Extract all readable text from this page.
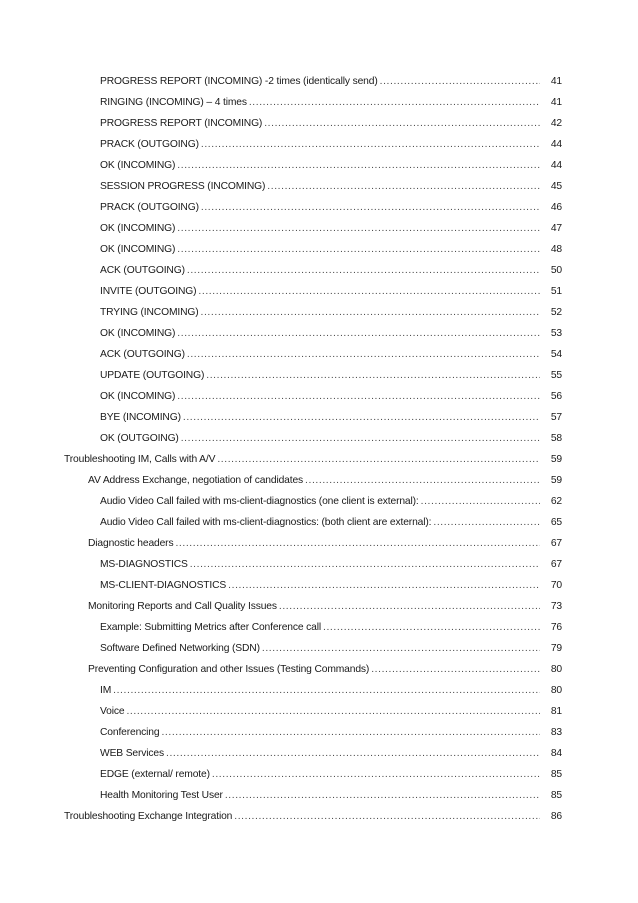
PROGRESS REPORT (INCOMING) -2 times (identically send) .....	41
RINGING (INCOMING) – 4 times .....	41
PROGRESS REPORT (INCOMING) .....	42
PRACK (OUTGOING) .....	44
OK (INCOMING) .....	44
SESSION PROGRESS (INCOMING) .....	45
PRACK (OUTGOING) .....	46
OK (INCOMING) .....	47
OK (INCOMING) .....	48
ACK (OUTGOING) .....	50
INVITE (OUTGOING) .....	51
TRYING (INCOMING) .....	52
OK (INCOMING) .....	53
ACK (OUTGOING) .....	54
UPDATE (OUTGOING) .....	55
OK (INCOMING) .....	56
BYE (INCOMING) .....	57
OK (OUTGOING) .....	58
Troubleshooting IM, Calls with A/V .....	59
AV Address Exchange, negotiation of candidates .....	59
Audio Video Call failed with ms-client-diagnostics (one client is external): .....	62
Audio Video Call failed with ms-client-diagnostics: (both client are external): .....	65
Diagnostic headers .....	67
MS-DIAGNOSTICS .....	67
MS-CLIENT-DIAGNOSTICS .....	70
Monitoring Reports and Call Quality Issues .....	73
Example: Submitting Metrics after Conference call .....	76
Software Defined Networking (SDN) .....	79
Preventing Configuration and other Issues (Testing Commands) .....	80
IM .....	80
Voice .....	81
Conferencing .....	83
WEB Services .....	84
EDGE (external/ remote) .....	85
Health Monitoring Test User .....	85
Troubleshooting Exchange Integration .....	86
